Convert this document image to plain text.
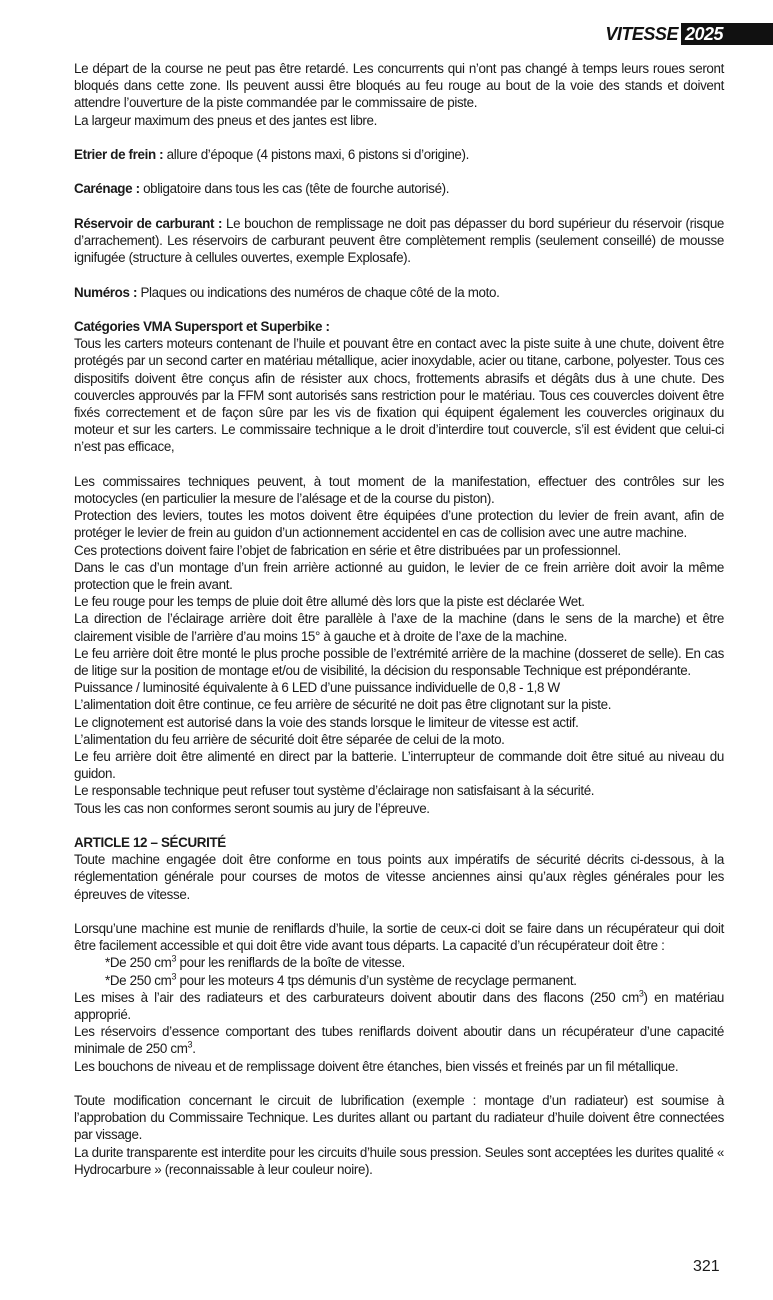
VITESSE 2025

Le départ de la course ne peut pas être retardé. Les concurrents qui n’ont pas changé à temps leurs roues seront bloqués dans cette zone. Ils peuvent aussi être bloqués au feu rouge au bout de la voie des stands et doivent attendre l’ouverture de la piste commandée par le commissaire de piste.

La largeur maximum des pneus et des jantes est libre.

Etrier de frein : allure d’époque (4 pistons maxi, 6 pistons si d’origine).

Carénage : obligatoire dans tous les cas (tête de fourche autorisé).

Réservoir de carburant : Le bouchon de remplissage ne doit pas dépasser du bord supérieur du réservoir (risque d’arrachement). Les réservoirs de carburant peuvent être complètement remplis (seulement conseillé) de mousse ignifugée (structure à cellules ouvertes, exemple Explosafe).

Numéros : Plaques ou indications des numéros de chaque côté de la moto.

Catégories VMA Supersport et Superbike :

Tous les carters moteurs contenant de l’huile et pouvant être en contact avec la piste suite à une chute, doivent être protégés par un second carter en matériau métallique, acier inoxydable, acier ou titane, carbone, polyester. Tous ces dispositifs doivent être conçus afin de résister aux chocs, frottements abrasifs et dégâts dus à une chute. Des couvercles approuvés par la FFM sont autorisés sans restriction pour le matériau. Tous ces couvercles doivent être fixés correctement et de façon sûre par les vis de fixation qui équipent également les couvercles originaux du moteur et sur les carters. Le commissaire technique a le droit d’interdire tout couvercle, s’il est évident que celui-ci n’est pas efficace,

Les commissaires techniques peuvent, à tout moment de la manifestation, effectuer des contrôles sur les motocycles (en particulier la mesure de l’alésage et de la course du piston).

Protection des leviers, toutes les motos doivent être équipées d’une protection du levier de frein avant, afin de protéger le levier de frein au guidon d’un actionnement accidentel en cas de collision avec une autre machine.

Ces protections doivent faire l’objet de fabrication en série et être distribuées par un professionnel.

Dans le cas d’un montage d’un frein arrière actionné au guidon, le levier de ce frein arrière doit avoir la même protection que le frein avant.

Le feu rouge pour les temps de pluie doit être allumé dès lors que la piste est déclarée Wet.

La direction de l’éclairage arrière doit être parallèle à l’axe de la machine (dans le sens de la marche) et être clairement visible de l’arrière d’au moins 15° à gauche et à droite de l’axe de la machine.

Le feu arrière doit être monté le plus proche possible de l’extrémité arrière de la machine (dosseret de selle). En cas de litige sur la position de montage et/ou de visibilité, la décision du responsable Technique est prépondérante.

Puissance / luminosité équivalente à 6 LED d’une puissance individuelle de 0,8 - 1,8 W

L’alimentation doit être continue, ce feu arrière de sécurité ne doit pas être clignotant sur la piste.

Le clignotement est autorisé dans la voie des stands lorsque le limiteur de vitesse est actif.

L’alimentation du feu arrière de sécurité doit être séparée de celui de la moto.

Le feu arrière doit être alimenté en direct par la batterie. L’interrupteur de commande doit être situé au niveau du guidon.

Le responsable technique peut refuser tout système d’éclairage non satisfaisant à la sécurité.

Tous les cas non conformes seront soumis au jury de l’épreuve.

ARTICLE 12 – SÉCURITÉ

Toute machine engagée doit être conforme en tous points aux impératifs de sécurité décrits ci-dessous, à la réglementation générale pour courses de motos de vitesse anciennes ainsi qu’aux règles générales pour les épreuves de vitesse.

Lorsqu’une machine est munie de reniflards d’huile, la sortie de ceux-ci doit se faire dans un récupérateur qui doit être facilement accessible et qui doit être vide avant tous départs. La capacité d’un récupérateur doit être :

*De 250 $cm^3$ pour les reniflards de la boîte de vitesse.

*De 250 $cm^3$ pour les moteurs 4 tps démunis d’un système de recyclage permanent.

Les mises à l’air des radiateurs et des carburateurs doivent aboutir dans des flacons (250 $cm^3$) en matériau approprié.

Les réservoirs d’essence comportant des tubes reniflards doivent aboutir dans un récupérateur d’une capacité minimale de 250 $cm^3$.

Les bouchons de niveau et de remplissage doivent être étanches, bien vissés et freinés par un fil métallique.

Toute modification concernant le circuit de lubrification (exemple : montage d’un radiateur) est soumise à l’approbation du Commissaire Technique. Les durites allant ou partant du radiateur d’huile doivent être connectées par vissage.

La durite transparente est interdite pour les circuits d’huile sous pression. Seules sont acceptées les durites qualité « Hydrocarbure » (reconnaissable à leur couleur noire).

321
